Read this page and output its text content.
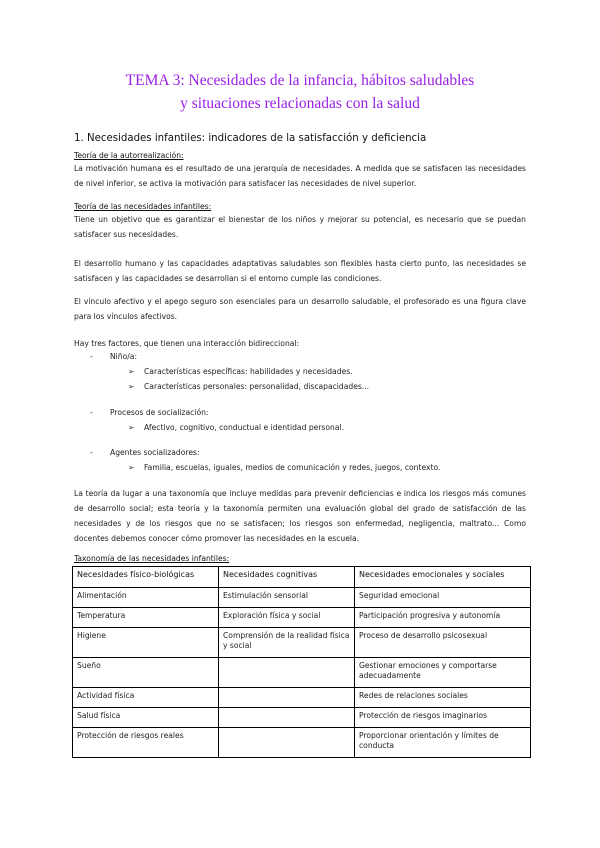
TEMA 3: Necesidades de la infancia, hábitos saludables
y situaciones relacionadas con la salud
1. Necesidades infantiles: indicadores de la satisfacción y deficiencia
Teoría de la autorrealización:
La motivación humana es el resultado de una jerarquía de necesidades. A medida que se satisfacen las necesidades de nivel inferior, se activa la motivación para satisfacer las necesidades de nivel superior.
Teoría de las necesidades infantiles:
Tiene un objetivo que es garantizar el bienestar de los niños y mejorar su potencial, es necesario que se puedan satisfacer sus necesidades.
El desarrollo humano y las capacidades adaptativas saludables son flexibles hasta cierto punto, las necesidades se satisfacen y las capacidades se desarrollan si el entorno cumple las condiciones.
El vínculo afectivo y el apego seguro son esenciales para un desarrollo saludable, el profesorado es una figura clave para los vínculos afectivos.
Hay tres factores, que tienen una interacción bidireccional:
- Niño/a:
➢ Características específicas: habilidades y necesidades.
➢ Características personales: personalidad, discapacidades...
- Procesos de socialización:
➢ Afectivo, cognitivo, conductual e identidad personal.
- Agentes socializadores:
➢ Familia, escuelas, iguales, medios de comunicación y redes, juegos, contexto.
La teoría da lugar a una taxonomía que incluye medidas para prevenir deficiencias e indica los riesgos más comunes de desarrollo social; esta teoría y la taxonomía permiten una evaluación global del grado de satisfacción de las necesidades y de los riesgos que no se satisfacen; los riesgos son enfermedad, negligencia, maltrato... Como docentes debemos conocer cómo promover las necesidades en la escuela.
Taxonomía de las necesidades infantiles:
Necesidades físico-biológicas	Necesidades cognitivas	Necesidades emocionales y sociales
Alimentación	Estimulación sensorial	Seguridad emocional
Temperatura	Exploración física y social	Participación progresiva y autonomía
Higiene	Comprensión de la realidad física y social	Proceso de desarrollo psicosexual
Sueño		Gestionar emociones y comportarse adecuadamente
Actividad física		Redes de relaciones sociales
Salud física		Protección de riesgos imaginarios
Protección de riesgos reales		Proporcionar orientación y límites de conducta
